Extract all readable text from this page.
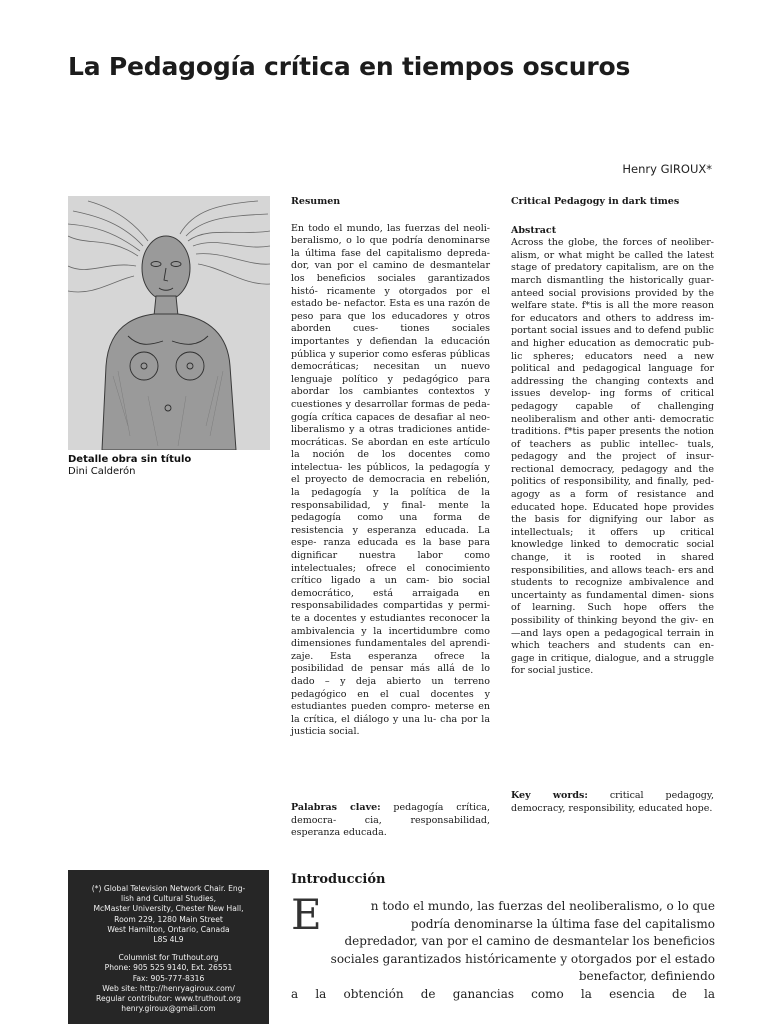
La Pedagogía crítica en tiempos oscuros
Henry GIROUX*
Detalle obra sin título
Dini Calderón

Resumen

En todo el mundo, las fuerzas del neoli- beralismo, o lo que podría denominarse la última fase del capitalismo depreda- dor, van por el camino de desmantelar los beneficios sociales garantizados histó- ricamente y otorgados por el estado be- nefactor. Esta es una razón de peso para que los educadores y otros aborden cues- tiones sociales importantes y defiendan la educación pública y superior como esferas públicas democráticas; necesitan un nuevo lenguaje político y pedagógico para abordar los cambiantes contextos y cuestiones y desarrollar formas de peda- gogía crítica capaces de desafiar al neo- liberalismo y a otras tradiciones antide- mocráticas. Se abordan en este artículo la noción de los docentes como intelectua- les públicos, la pedagogía y el proyecto de democracia en rebelión, la pedagogía y la política de la responsabilidad, y final- mente la pedagogía como una forma de resistencia y esperanza educada. La espe- ranza educada es la base para dignificar nuestra labor como intelectuales; ofrece el conocimiento crítico ligado a un cam- bio social democrático, está arraigada en responsabilidades compartidas y permi- te a docentes y estudiantes reconocer la ambivalencia y la incertidumbre como dimensiones fundamentales del aprendi- zaje. Esta esperanza ofrece la posibilidad de pensar más allá de lo dado – y deja abierto un terreno pedagógico en el cual docentes y estudiantes pueden compro- meterse en la crítica, el diálogo y una lu- cha por la justicia social.

Palabras clave: pedagogía crítica, democra- cia, responsabilidad, esperanza educada.

Critical Pedagogy in dark times

Abstract

Across the globe, the forces of neoliber- alism, or what might be called the latest stage of predatory capitalism, are on the march dismantling the historically guar- anteed social provisions provided by the welfare state. f*tis is all the more reason for educators and others to address im- portant social issues and to defend public and higher education as democratic pub- lic spheres; educators need a new political and pedagogical language for addressing the changing contexts and issues develop- ing forms of critical pedagogy capable of challenging neoliberalism and other anti- democratic traditions. f*tis paper presents the notion of teachers as public intellec- tuals, pedagogy and the project of insur- rectional democracy, pedagogy and the politics of responsibility, and finally, ped- agogy as a form of resistance and educated hope. Educated hope provides the basis for dignifying our labor as intellectuals; it offers up critical knowledge linked to democratic social change, it is rooted in shared responsibilities, and allows teach- ers and students to recognize ambivalence and uncertainty as fundamental dimen- sions of learning. Such hope offers the possibility of thinking beyond the giv- en—and lays open a pedagogical terrain in which teachers and students can en- gage in critique, dialogue, and a struggle for social justice.

Key words: critical pedagogy, democracy, responsibility, educated hope.
(*) Global Television Network Chair. Eng-
lish and Cultural Studies,
McMaster University, Chester New Hall,
Room 229, 1280 Main Street
West Hamilton, Ontario, Canada
L8S 4L9
Columnist for Truthout.org
Phone: 905 525 9140, Ext. 26551
Fax: 905-777-8316
Web site: http://henryagiroux.com/
Regular contributor: www.truthout.org
henry.giroux@gmail.com
Introducción
E	n todo el mundo, las fuerzas del neoliberalismo, o lo que
podría denominarse la última fase del capitalismo
depredador, van por el camino de desmantelar los beneficios
sociales garantizados históricamente y otorgados por el estado
benefactor, definiendo
a la obtención de ganancias como la esencia de la
